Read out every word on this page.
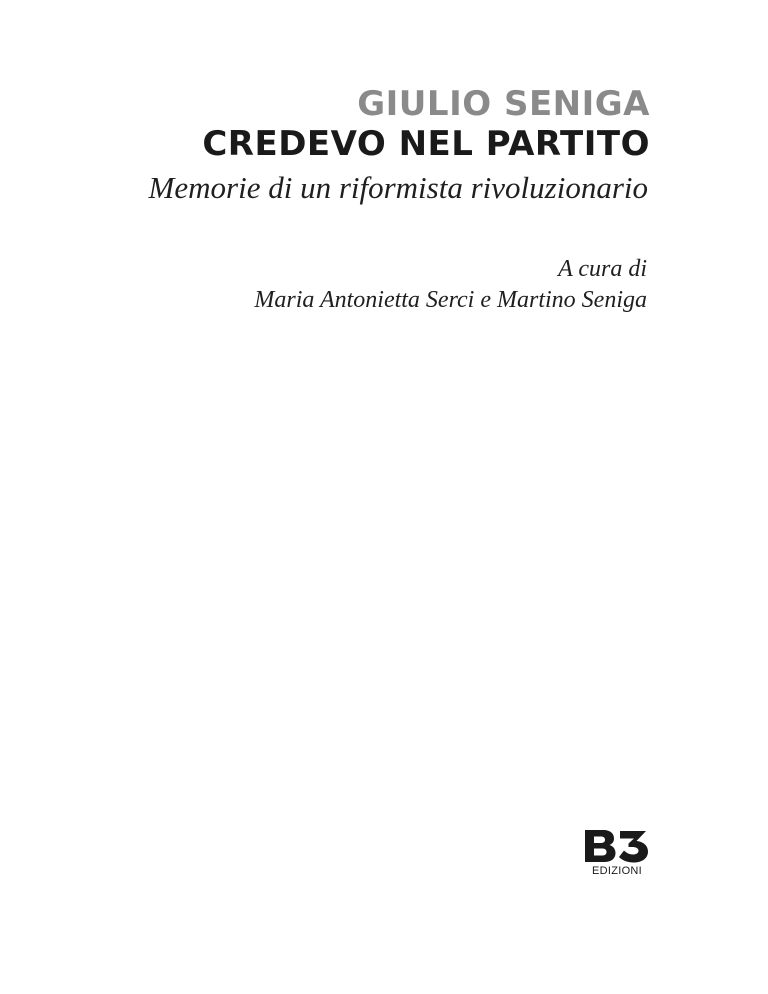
GIULIO SENIGA
CREDEVO NEL PARTITO
Memorie di un riformista rivoluzionario
A cura di
Maria Antonietta Serci e Martino Seniga
EDIZIONI
